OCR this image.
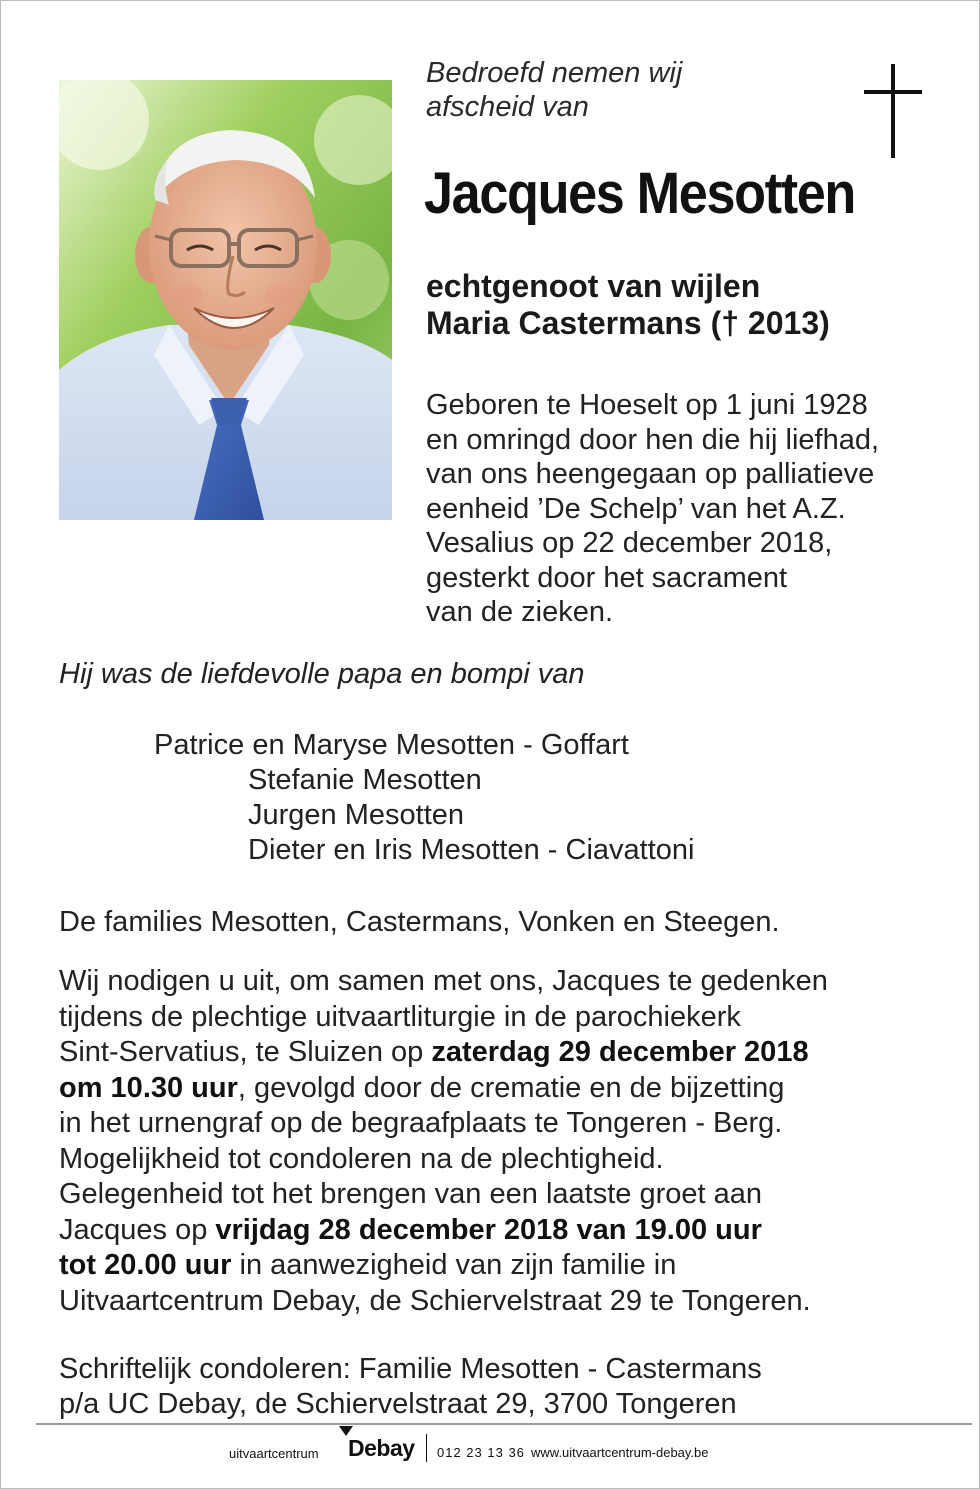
Bedroefd nemen wij
afscheid van
Jacques Mesotten
echtgenoot van wijlen
Maria Castermans († 2013)
Geboren te Hoeselt op 1 juni 1928
en omringd door hen die hij liefhad,
van ons heengegaan op palliatieve
eenheid ’De Schelp’ van het A.Z.
Vesalius op 22 december 2018,
gesterkt door het sacrament
van de zieken.
Hij was de liefdevolle papa en bompi van
Patrice en Maryse Mesotten - Goffart
Stefanie Mesotten
Jurgen Mesotten
Dieter en Iris Mesotten - Ciavattoni
De families Mesotten, Castermans, Vonken en Steegen.
Wij nodigen u uit, om samen met ons, Jacques te gedenken
tijdens de plechtige uitvaartliturgie in de parochiekerk
Sint-Servatius, te Sluizen op zaterdag 29 december 2018
om 10.30 uur, gevolgd door de crematie en de bijzetting
in het urnengraf op de begraafplaats te Tongeren - Berg.
Mogelijkheid tot condoleren na de plechtigheid.
Gelegenheid tot het brengen van een laatste groet aan
Jacques op vrijdag 28 december 2018 van 19.00 uur
tot 20.00 uur in aanwezigheid van zijn familie in
Uitvaartcentrum Debay, de Schiervelstraat 29 te Tongeren.
Schriftelijk condoleren: Familie Mesotten - Castermans
p/a UC Debay, de Schiervelstraat 29, 3700 Tongeren
uitvaartcentrum Debay 012 23 13 36 www.uitvaartcentrum-debay.be
